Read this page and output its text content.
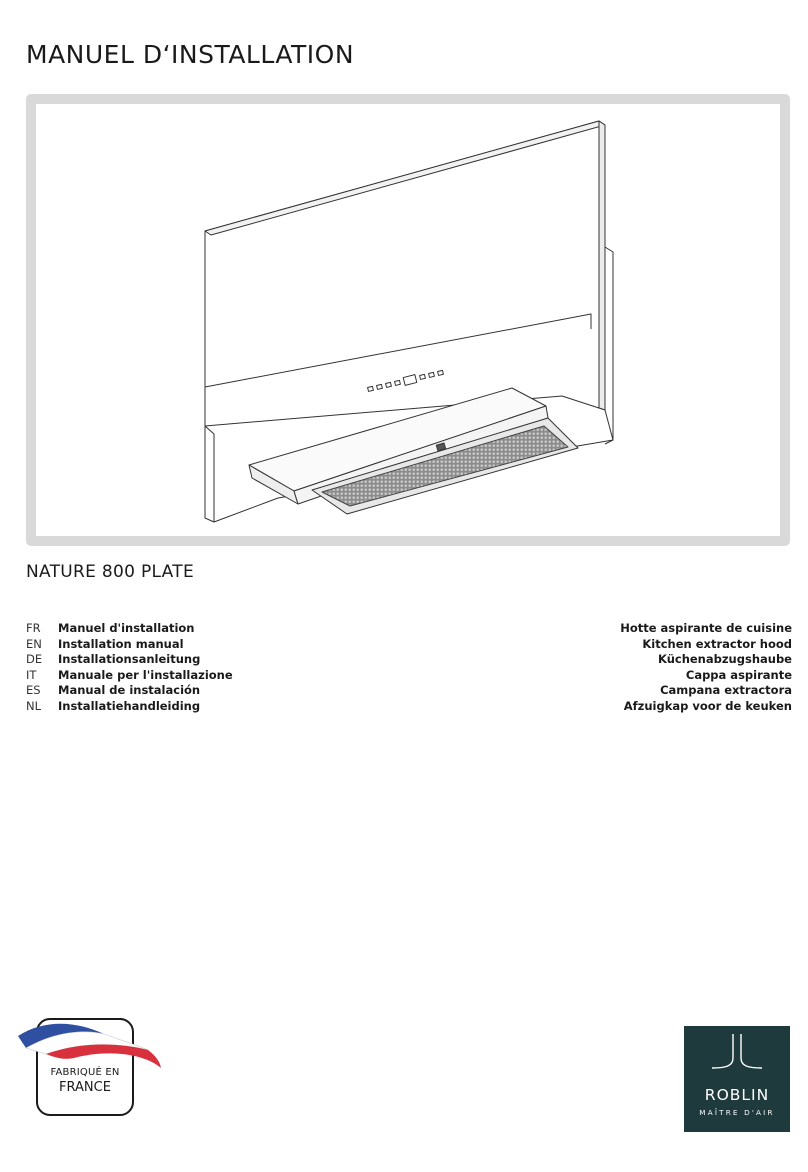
MANUEL D‘INSTALLATION
NATURE 800 PLATE
FR Manuel d'installation	Hotte aspirante de cuisine
EN Installation manual	Kitchen extractor hood
DE Installationsanleitung	Küchenabzugshaube
IT Manuale per l'installazione	Cappa aspirante
ES Manual de instalación	Campana extractora
NL Installatiehandleiding	Afzuigkap voor de keuken
FABRIQUÉ EN
FRANCE	ROBLIN
MAÎTRE D'AIR
